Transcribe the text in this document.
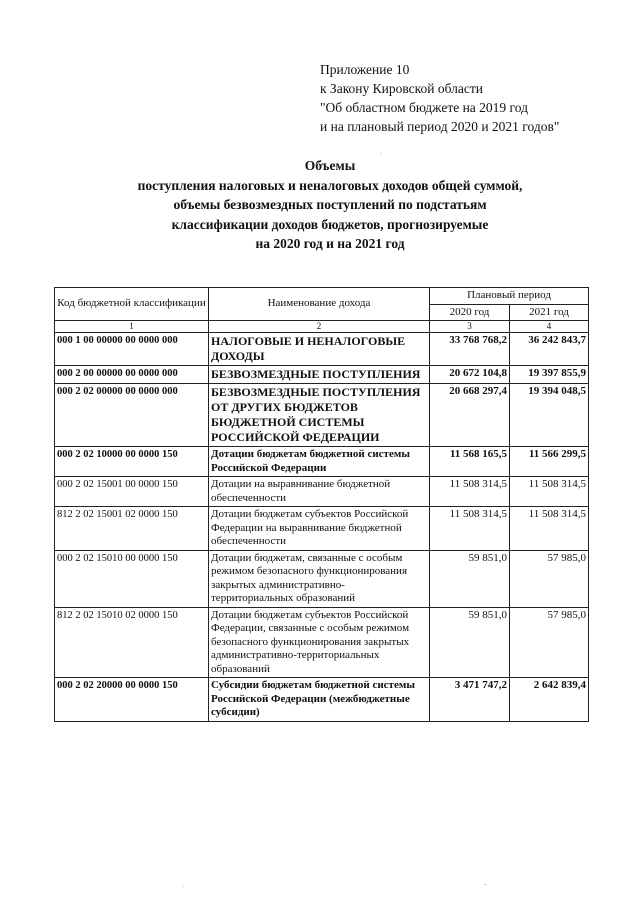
Приложение 10
к Закону Кировской области
"Об областном бюджете на 2019 год
и на плановый период 2020 и 2021 годов"
Объемы
поступления налоговых и неналоговых доходов общей суммой,
объемы безвозмездных поступлений по подстатьям
классификации доходов бюджетов, прогнозируемые
на 2020 год и на 2021 год
Код бюджетной классификации	Наименование дохода	Плановый период	
		2020 год	2021 год
1	2	3	4
000 1 00 00000 00 0000 000	НАЛОГОВЫЕ И НЕНАЛОГОВЫЕ ДОХОДЫ	33 768 768,2	36 242 843,7
000 2 00 00000 00 0000 000	БЕЗВОЗМЕЗДНЫЕ ПОСТУПЛЕНИЯ	20 672 104,8	19 397 855,9
000 2 02 00000 00 0000 000	БЕЗВОЗМЕЗДНЫЕ ПОСТУПЛЕНИЯ ОТ ДРУГИХ БЮДЖЕТОВ БЮДЖЕТНОЙ СИСТЕМЫ РОССИЙСКОЙ ФЕДЕРАЦИИ	20 668 297,4	19 394 048,5
000 2 02 10000 00 0000 150	Дотации бюджетам бюджетной системы Российской Федерации	11 568 165,5	11 566 299,5
000 2 02 15001 00 0000 150	Дотации на выравнивание бюджетной обеспеченности	11 508 314,5	11 508 314,5
812 2 02 15001 02 0000 150	Дотации бюджетам субъектов Российской Федерации на выравнивание бюджетной обеспеченности	11 508 314,5	11 508 314,5
000 2 02 15010 00 0000 150	Дотации бюджетам, связанные с особым режимом безопасного функционирования закрытых административно-территориальных образований	59 851,0	57 985,0
812 2 02 15010 02 0000 150	Дотации бюджетам субъектов Российской Федерации, связанные с особым режимом безопасного функционирования закрытых административно-территориальных образований	59 851,0	57 985,0
000 2 02 20000 00 0000 150	Субсидии бюджетам бюджетной системы Российской Федерации (межбюджетные субсидии)	3 471 747,2	2 642 839,4
.
.	-
